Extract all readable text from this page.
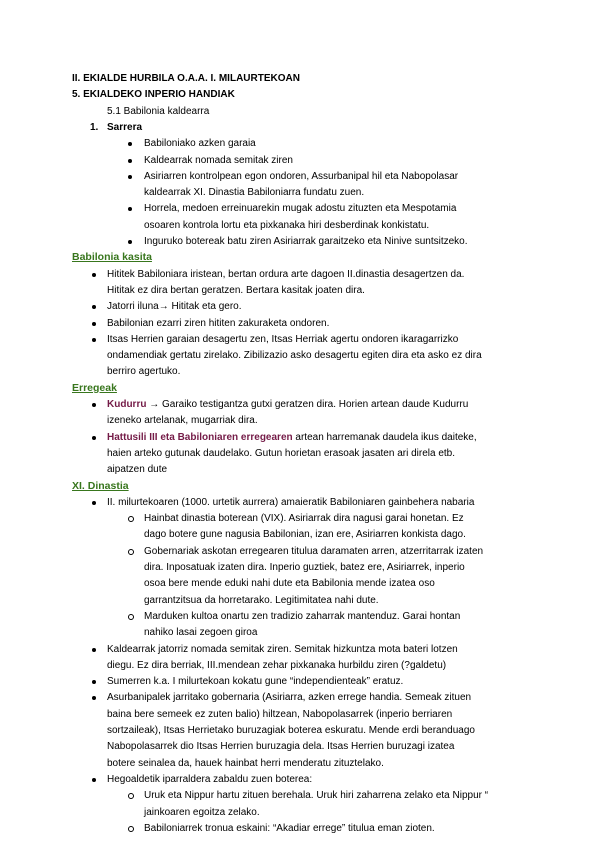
II. EKIALDE HURBILA O.A.A. I. MILAURTEKOAN
5. EKIALDEKO INPERIO HANDIAK
5.1 Babilonia kaldearra
1. Sarrera
Babiloniako azken garaia
Kaldearrak nomada semitak ziren
Asiriarren kontrolpean egon ondoren, Assurbanipal hil eta Nabopolasar
kaldearrak XI. Dinastia Babiloniarra fundatu zuen.
Horrela, medoen erreinuarekin mugak adostu zituzten eta Mespotamia
osoaren kontrola lortu eta pixkanaka hiri desberdinak konkistatu.
Inguruko botereak batu ziren Asiriarrak garaitzeko eta Ninive suntsitzeko.
Babilonia kasita
Hititek Babiloniara iristean, bertan ordura arte dagoen II.dinastia desagertzen da.
Hititak ez dira bertan geratzen. Bertara kasitak joaten dira.
Jatorri iluna→ Hititak eta gero.
Babilonian ezarri ziren hititen zakuraketa ondoren.
Itsas Herrien garaian desagertu zen, Itsas Herriak agertu ondoren ikaragarrizko
ondamendiak gertatu zirelako. Zibilizazio asko desagertu egiten dira eta asko ez dira
berriro agertuko.
Erregeak
Kudurru → Garaiko testigantza gutxi geratzen dira. Horien artean daude Kudurru
izeneko artelanak, mugarriak dira.
Hattusili III eta Babiloniaren erregearen artean harremanak daudela ikus daiteke,
haien arteko gutunak daudelako. Gutun horietan erasoak jasaten ari direla etb.
aipatzen dute
XI. Dinastia
II. milurtekoaren (1000. urtetik aurrera) amaieratik Babiloniaren gainbehera nabaria
Hainbat dinastia boterean (VIX). Asiriarrak dira nagusi garai honetan. Ez
dago botere gune nagusia Babilonian, izan ere, Asiriarren konkista dago.
Gobernariak askotan erregearen titulua daramaten arren, atzerritarrak izaten
dira. Inposatuak izaten dira. Inperio guztiek, batez ere, Asiriarrek, inperio
osoa bere mende eduki nahi dute eta Babilonia mende izatea oso
garrantzitsua da horretarako. Legitimitatea nahi dute.
Marduken kultoa onartu zen tradizio zaharrak mantenduz. Garai hontan
nahiko lasai zegoen giroa
Kaldearrak jatorriz nomada semitak ziren. Semitak hizkuntza mota bateri lotzen
diegu. Ez dira berriak, III.mendean zehar pixkanaka hurbildu ziren (?galdetu)
Sumerren k.a. I milurtekoan kokatu gune “independienteak” eratuz.
Asurbanipalek jarritako gobernaria (Asiriarra, azken errege handia. Semeak zituen
baina bere semeek ez zuten balio) hiltzean, Nabopolasarrek (inperio berriaren
sortzaileak), Itsas Herrietako buruzagiak boterea eskuratu. Mende erdi beranduago
Nabopolasarrek dio Itsas Herrien buruzagia dela. Itsas Herrien buruzagi izatea
botere seinalea da, hauek hainbat herri menderatu zituztelako.
Hegoaldetik iparraldera zabaldu zuen boterea:
Uruk eta Nippur hartu zituen berehala. Uruk hiri zaharrena zelako eta Nippur “
jainkoaren egoitza zelako.
Babiloniarrek tronua eskaini: “Akadiar errege” titulua eman zioten.
